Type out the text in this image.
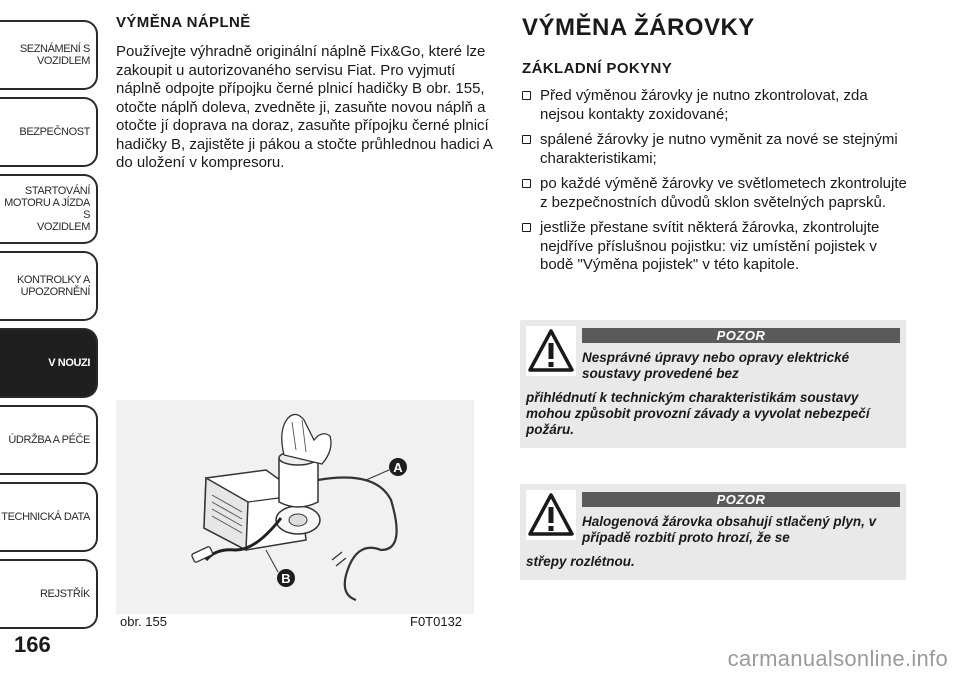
SEZNÁMENÍ S
VOZIDLEM
BEZPEČNOST
STARTOVÁNÍ
MOTORU A JÍZDA S
VOZIDLEM
KONTROLKY A
UPOZORNĚNÍ
V NOUZI
ÚDRŽBA A PÉČE
TECHNICKÁ DATA
REJSTŘÍK
166
VÝMĚNA NÁPLNĚ

Používejte výhradně originální náplně Fix&Go, které lze zakoupit u autorizovaného servisu Fiat. Pro vyjmutí náplně odpojte přípojku černé plnicí hadičky B obr. 155, otočte náplň doleva, zvedněte ji, zasuňte novou náplň a otočte jí doprava na doraz, zasuňte přípojku černé plnicí hadičky B, zajistěte ji pákou a stočte průhlednou hadici A do uložení v kompresoru.

A
B
obr. 155	F0T0132
VÝMĚNA ŽÁROVKY
ZÁKLADNÍ POKYNY
Před výměnou žárovky je nutno zkontrolovat, zda nejsou kontakty zoxidované;
spálené žárovky je nutno vyměnit za nové se stejnými charakteristikami;
po každé výměně žárovky ve světlometech zkontrolujte z bezpečnostních důvodů sklon světelných paprsků.
jestliže přestane svítit některá žárovka, zkontrolujte nejdříve příslušnou pojistku: viz umístění pojistek v bodě "Výměna pojistek" v této kapitole.
POZOR
Nesprávné úpravy nebo opravy elektrické soustavy provedené bez
přihlédnutí k technickým charakteristikám soustavy mohou způsobit provozní závady a vyvolat nebezpečí požáru.
POZOR
Halogenová žárovka obsahují stlačený plyn, v případě rozbití proto hrozí, že se
střepy rozlétnou.
carmanualsonline.info
